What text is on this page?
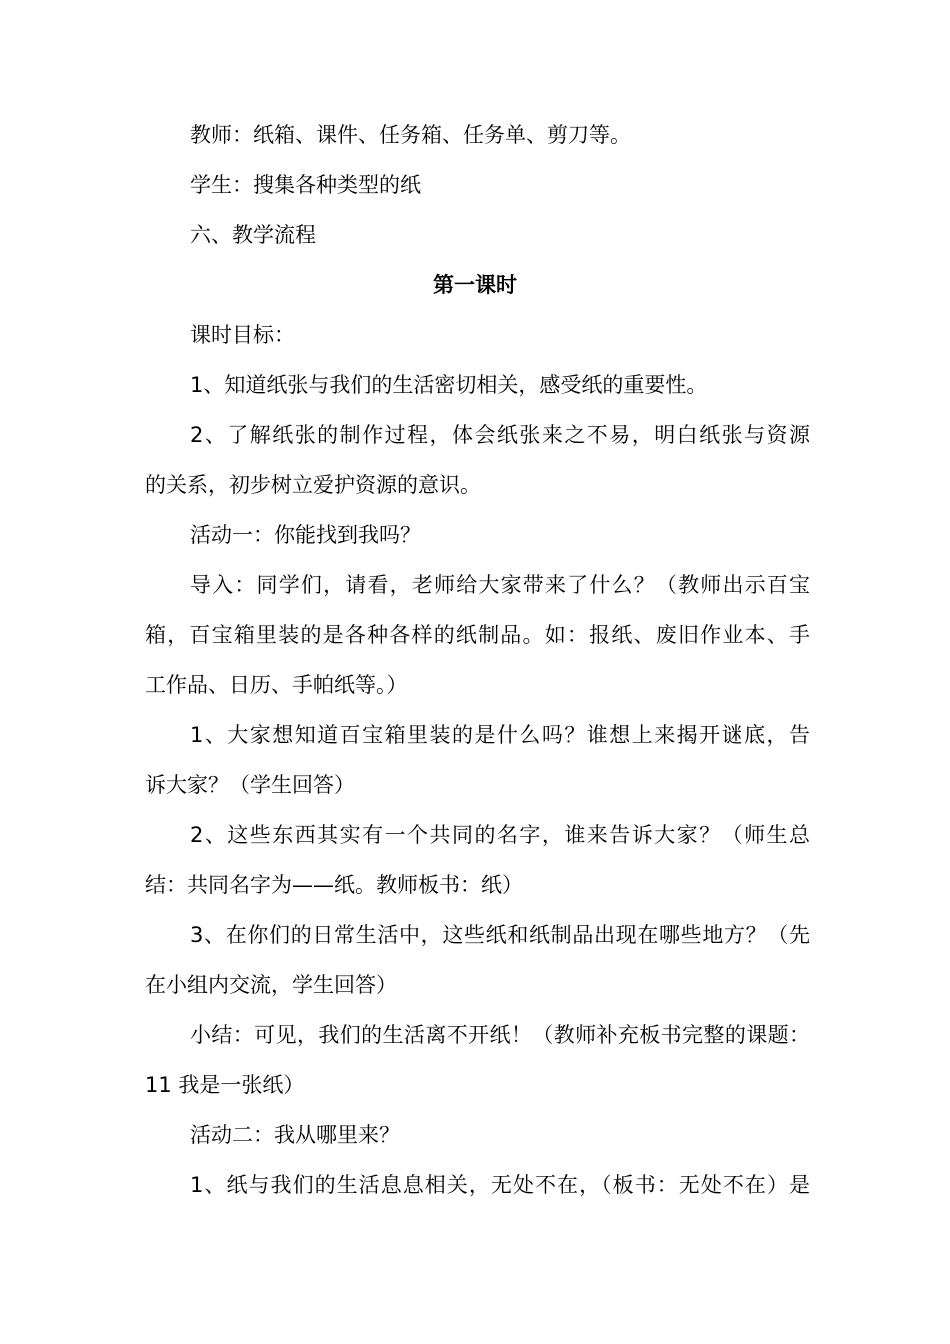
教师：纸箱、课件、任务箱、任务单、剪刀等。
学生：搜集各种类型的纸
六、教学流程
第一课时
课时目标：
1、知道纸张与我们的生活密切相关，感受纸的重要性。
2、了解纸张的制作过程，体会纸张来之不易，明白纸张与资源
的关系，初步树立爱护资源的意识。
活动一：你能找到我吗？
导入：同学们，请看，老师给大家带来了什么？（教师出示百宝
箱，百宝箱里装的是各种各样的纸制品。如：报纸、废旧作业本、手
工作品、日历、手帕纸等。）
1、大家想知道百宝箱里装的是什么吗？谁想上来揭开谜底，告
诉大家？（学生回答）
2、这些东西其实有一个共同的名字，谁来告诉大家？（师生总
结：共同名字为——纸。教师板书：纸）
3、在你们的日常生活中，这些纸和纸制品出现在哪些地方？（先
在小组内交流，学生回答）
小结：可见，我们的生活离不开纸！（教师补充板书完整的课题：
11 我是一张纸）
活动二：我从哪里来？
1、纸与我们的生活息息相关，无处不在，（板书：无处不在）是
